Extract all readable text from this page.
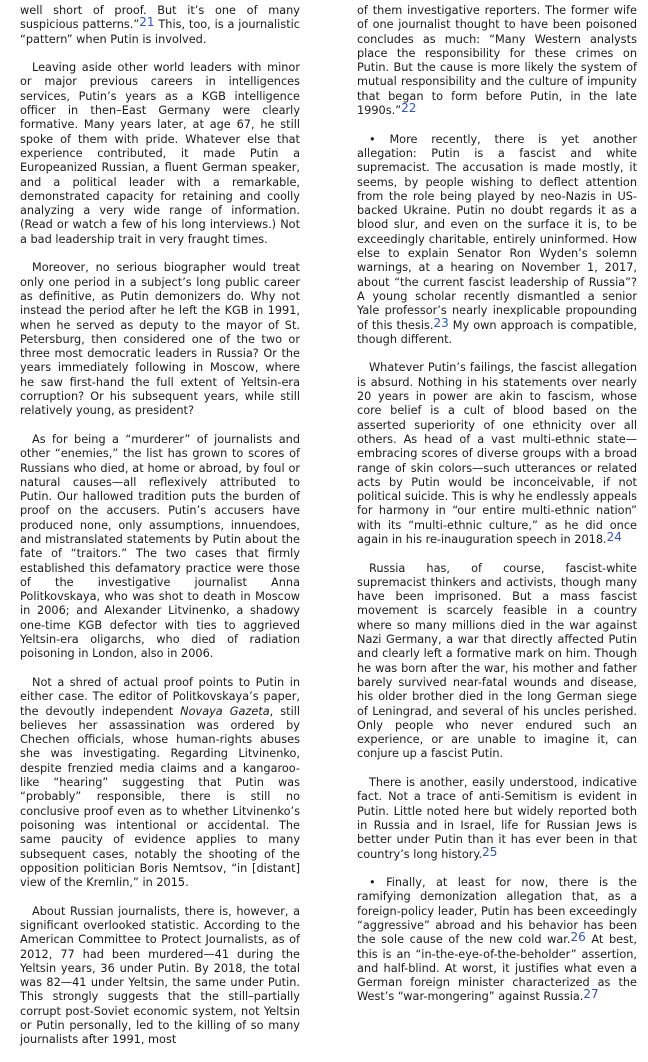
well short of proof. But it’s one of many suspicious patterns.”$^{21}$ This, too, is a journalistic “pattern” when Putin is involved.

Leaving aside other world leaders with minor or major previous careers in intelligences services, Putin’s years as a KGB intelligence officer in then–East Germany were clearly formative. Many years later, at age 67, he still spoke of them with pride. Whatever else that experience contributed, it made Putin a Europeanized Russian, a fluent German speaker, and a political leader with a remarkable, demonstrated capacity for retaining and coolly analyzing a very wide range of information. (Read or watch a few of his long interviews.) Not a bad leadership trait in very fraught times.

Moreover, no serious biographer would treat only one period in a subject’s long public career as definitive, as Putin demonizers do. Why not instead the period after he left the KGB in 1991, when he served as deputy to the mayor of St. Petersburg, then considered one of the two or three most democratic leaders in Russia? Or the years immediately following in Moscow, where he saw first-hand the full extent of Yeltsin-era corruption? Or his subsequent years, while still relatively young, as president?

As for being a “murderer” of journalists and other “enemies,” the list has grown to scores of Russians who died, at home or abroad, by foul or natural causes—all reflexively attributed to Putin. Our hallowed tradition puts the burden of proof on the accusers. Putin’s accusers have produced none, only assumptions, innuendoes, and mistranslated statements by Putin about the fate of “traitors.” The two cases that firmly established this defamatory practice were those of the investigative journalist Anna Politkovskaya, who was shot to death in Moscow in 2006; and Alexander Litvinenko, a shadowy one-time KGB defector with ties to aggrieved Yeltsin-era oligarchs, who died of radiation poisoning in London, also in 2006.

Not a shred of actual proof points to Putin in either case. The editor of Politkovskaya’s paper, the devoutly independent Novaya Gazeta, still believes her assassination was ordered by Chechen officials, whose human-rights abuses she was investigating. Regarding Litvinenko, despite frenzied media claims and a kangaroo-like “hearing” suggesting that Putin was “probably” responsible, there is still no conclusive proof even as to whether Litvinenko’s poisoning was intentional or accidental. The same paucity of evidence applies to many subsequent cases, notably the shooting of the opposition politician Boris Nemtsov, “in [distant] view of the Kremlin,” in 2015.

About Russian journalists, there is, however, a significant overlooked statistic. According to the American Committee to Protect Journalists, as of 2012, 77 had been murdered—41 during the Yeltsin years, 36 under Putin. By 2018, the total was 82—41 under Yeltsin, the same under Putin. This strongly suggests that the still–partially corrupt post-Soviet economic system, not Yeltsin or Putin personally, led to the killing of so many journalists after 1991, most

of them investigative reporters. The former wife of one journalist thought to have been poisoned concludes as much: “Many Western analysts place the responsibility for these crimes on Putin. But the cause is more likely the system of mutual responsibility and the culture of impunity that began to form before Putin, in the late 1990s.”$^{22}$

• More recently, there is yet another allegation: Putin is a fascist and white supremacist. The accusation is made mostly, it seems, by people wishing to deflect attention from the role being played by neo-Nazis in US-backed Ukraine. Putin no doubt regards it as a blood slur, and even on the surface it is, to be exceedingly charitable, entirely uninformed. How else to explain Senator Ron Wyden’s solemn warnings, at a hearing on November 1, 2017, about “the current fascist leadership of Russia”? A young scholar recently dismantled a senior Yale professor’s nearly inexplicable propounding of this thesis.$^{23}$ My own approach is compatible, though different.

Whatever Putin’s failings, the fascist allegation is absurd. Nothing in his statements over nearly 20 years in power are akin to fascism, whose core belief is a cult of blood based on the asserted superiority of one ethnicity over all others. As head of a vast multi-ethnic state—embracing scores of diverse groups with a broad range of skin colors—such utterances or related acts by Putin would be inconceivable, if not political suicide. This is why he endlessly appeals for harmony in “our entire multi-ethnic nation” with its “multi-ethnic culture,” as he did once again in his re-inauguration speech in 2018.24

Russia has, of course, fascist-white supremacist thinkers and activists, though many have been imprisoned. But a mass fascist movement is scarcely feasible in a country where so many millions died in the war against Nazi Germany, a war that directly affected Putin and clearly left a formative mark on him. Though he was born after the war, his mother and father barely survived near-fatal wounds and disease, his older brother died in the long German siege of Leningrad, and several of his uncles perished. Only people who never endured such an experience, or are unable to imagine it, can conjure up a fascist Putin.

There is another, easily understood, indicative fact. Not a trace of anti-Semitism is evident in Putin. Little noted here but widely reported both in Russia and in Israel, life for Russian Jews is better under Putin than it has ever been in that country’s long history.$^{25}$

• Finally, at least for now, there is the ramifying demonization allegation that, as a foreign-policy leader, Putin has been exceedingly “aggressive” abroad and his behavior has been the sole cause of the new cold war.$^{26}$ At best, this is an “in-the-eye-of-the-beholder” assertion, and half-blind. At worst, it justifies what even a German foreign minister characterized as the West’s “war-mongering” against Russia.$^{27}$
